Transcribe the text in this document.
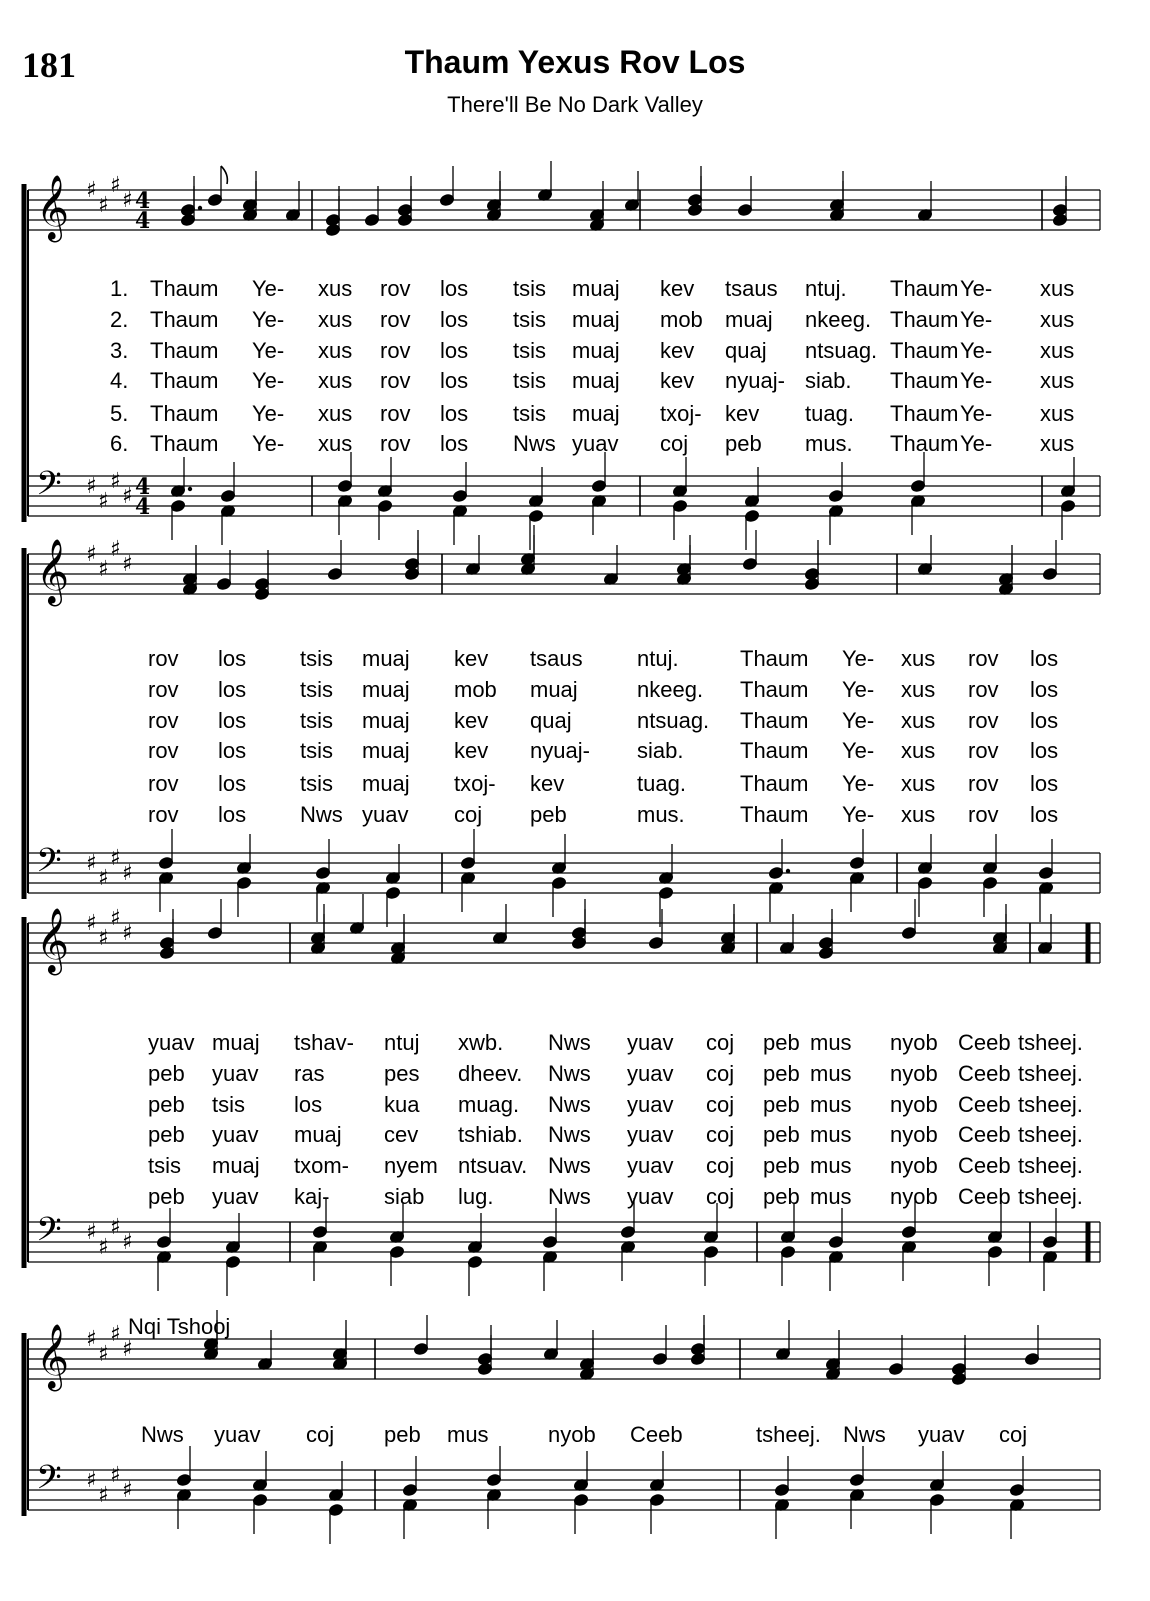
181	Thaum Yexus Rov Los
There'll Be No Dark Valley
Nqi Tshooj
𝄞
𝄢
♯
♯
♯
♯
♯
♯
♯
♯
4
4
4
4
𝄞
𝄢
♯
♯
♯
♯
♯
♯
♯
♯
𝄞
𝄢
♯
♯
♯
♯
♯
♯
♯
♯
𝄞
𝄢
♯
♯
♯
♯
♯
♯
♯
♯
1. Thaum Ye- xus rov los tsis muaj kev tsaus ntuj. Thaum Ye- xus
2. Thaum Ye- xus rov los tsis muaj mob muaj nkeeg. Thaum Ye- xus
3. Thaum Ye- xus rov los tsis muaj kev quaj ntsuag. Thaum Ye- xus
4. Thaum Ye- xus rov los tsis muaj kev nyuaj- siab. Thaum Ye- xus
5. Thaum Ye- xus rov los tsis muaj txoj- kev tuag. Thaum Ye- xus
6. Thaum Ye- xus rov los Nws yuav coj peb mus. Thaum Ye- xus
rov los tsis muaj kev tsaus ntuj.	Thaum Ye- xus rov los
rov los tsis muaj mob muaj	nkeeg. Thaum Ye- xus rov los
rov los tsis muaj kev quaj	ntsuag. Thaum Ye- xus rov los
rov los tsis muaj kev nyuaj- siab.	Thaum Ye- xus rov los
rov los tsis muaj txoj- kev	tuag. Thaum Ye- xus rov los
rov los Nws yuav coj peb	mus.	Thaum Ye- xus rov los
yuav muaj tshav- ntuj xwb. Nws yuav coj peb mus nyob Ceeb tsheej.
peb yuav ras	pes dheev. Nws yuav coj peb mus nyob Ceeb tsheej.
peb tsis los	kua muag. Nws yuav coj peb mus nyob Ceeb tsheej.
peb yuav muaj cev tshiab. Nws yuav coj peb mus nyob Ceeb tsheej.
tsis muaj txom- nyem ntsuav. Nws yuav coj peb mus nyob Ceeb tsheej.
peb yuav kaj- siab lug. Nws yuav coj peb mus nyob Ceeb tsheej.
Nws yuav coj peb mus	nyob Ceeb	tsheej. Nws yuav coj
